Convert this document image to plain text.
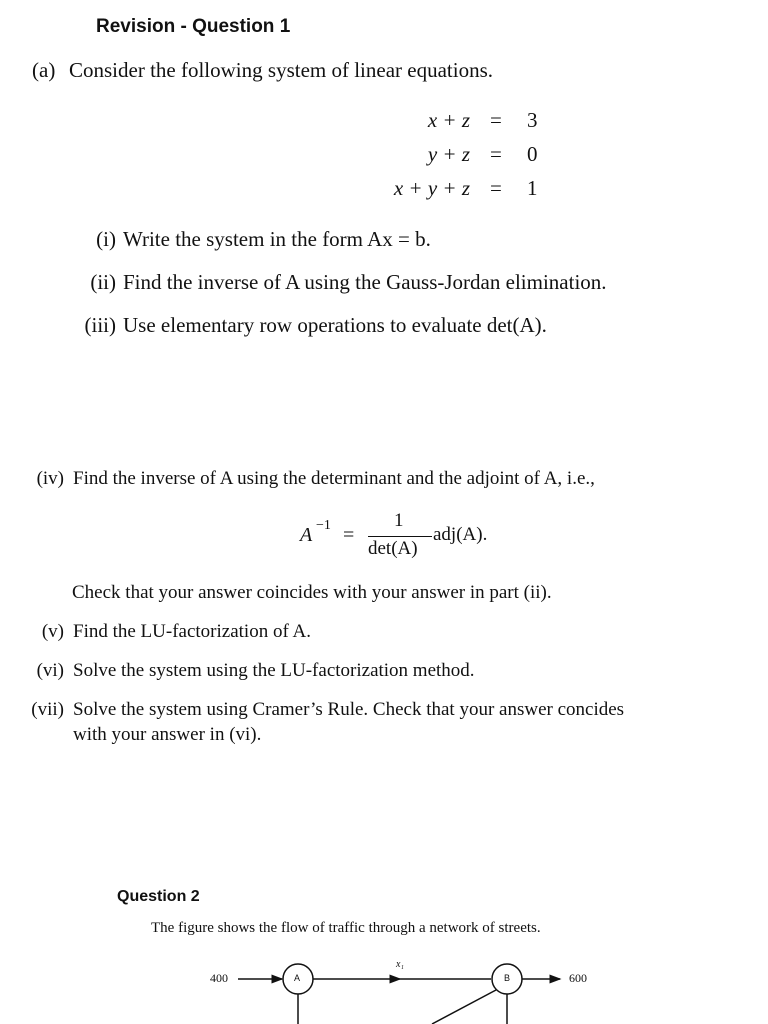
Revision - Question 1
(a) Consider the following system of linear equations.
x + z = 3
y + z = 0
x + y + z = 1
(i) Write the system in the form Ax = b.
(ii) Find the inverse of A using the Gauss-Jordan elimination.
(iii) Use elementary row operations to evaluate det(A).
(iv) Find the inverse of A using the determinant and the adjoint of A, i.e.,
A −1 =
1
det(A)
adj(A).
Check that your answer coincides with your answer in part (ii).
(v) Find the LU-factorization of A.
(vi) Solve the system using the LU-factorization method.
(vii) Solve the system using Cramer’s Rule. Check that your answer concides
with your answer in (vi).
Question 2
The figure shows the flow of traffic through a network of streets.
400	600
A	B
x₁
